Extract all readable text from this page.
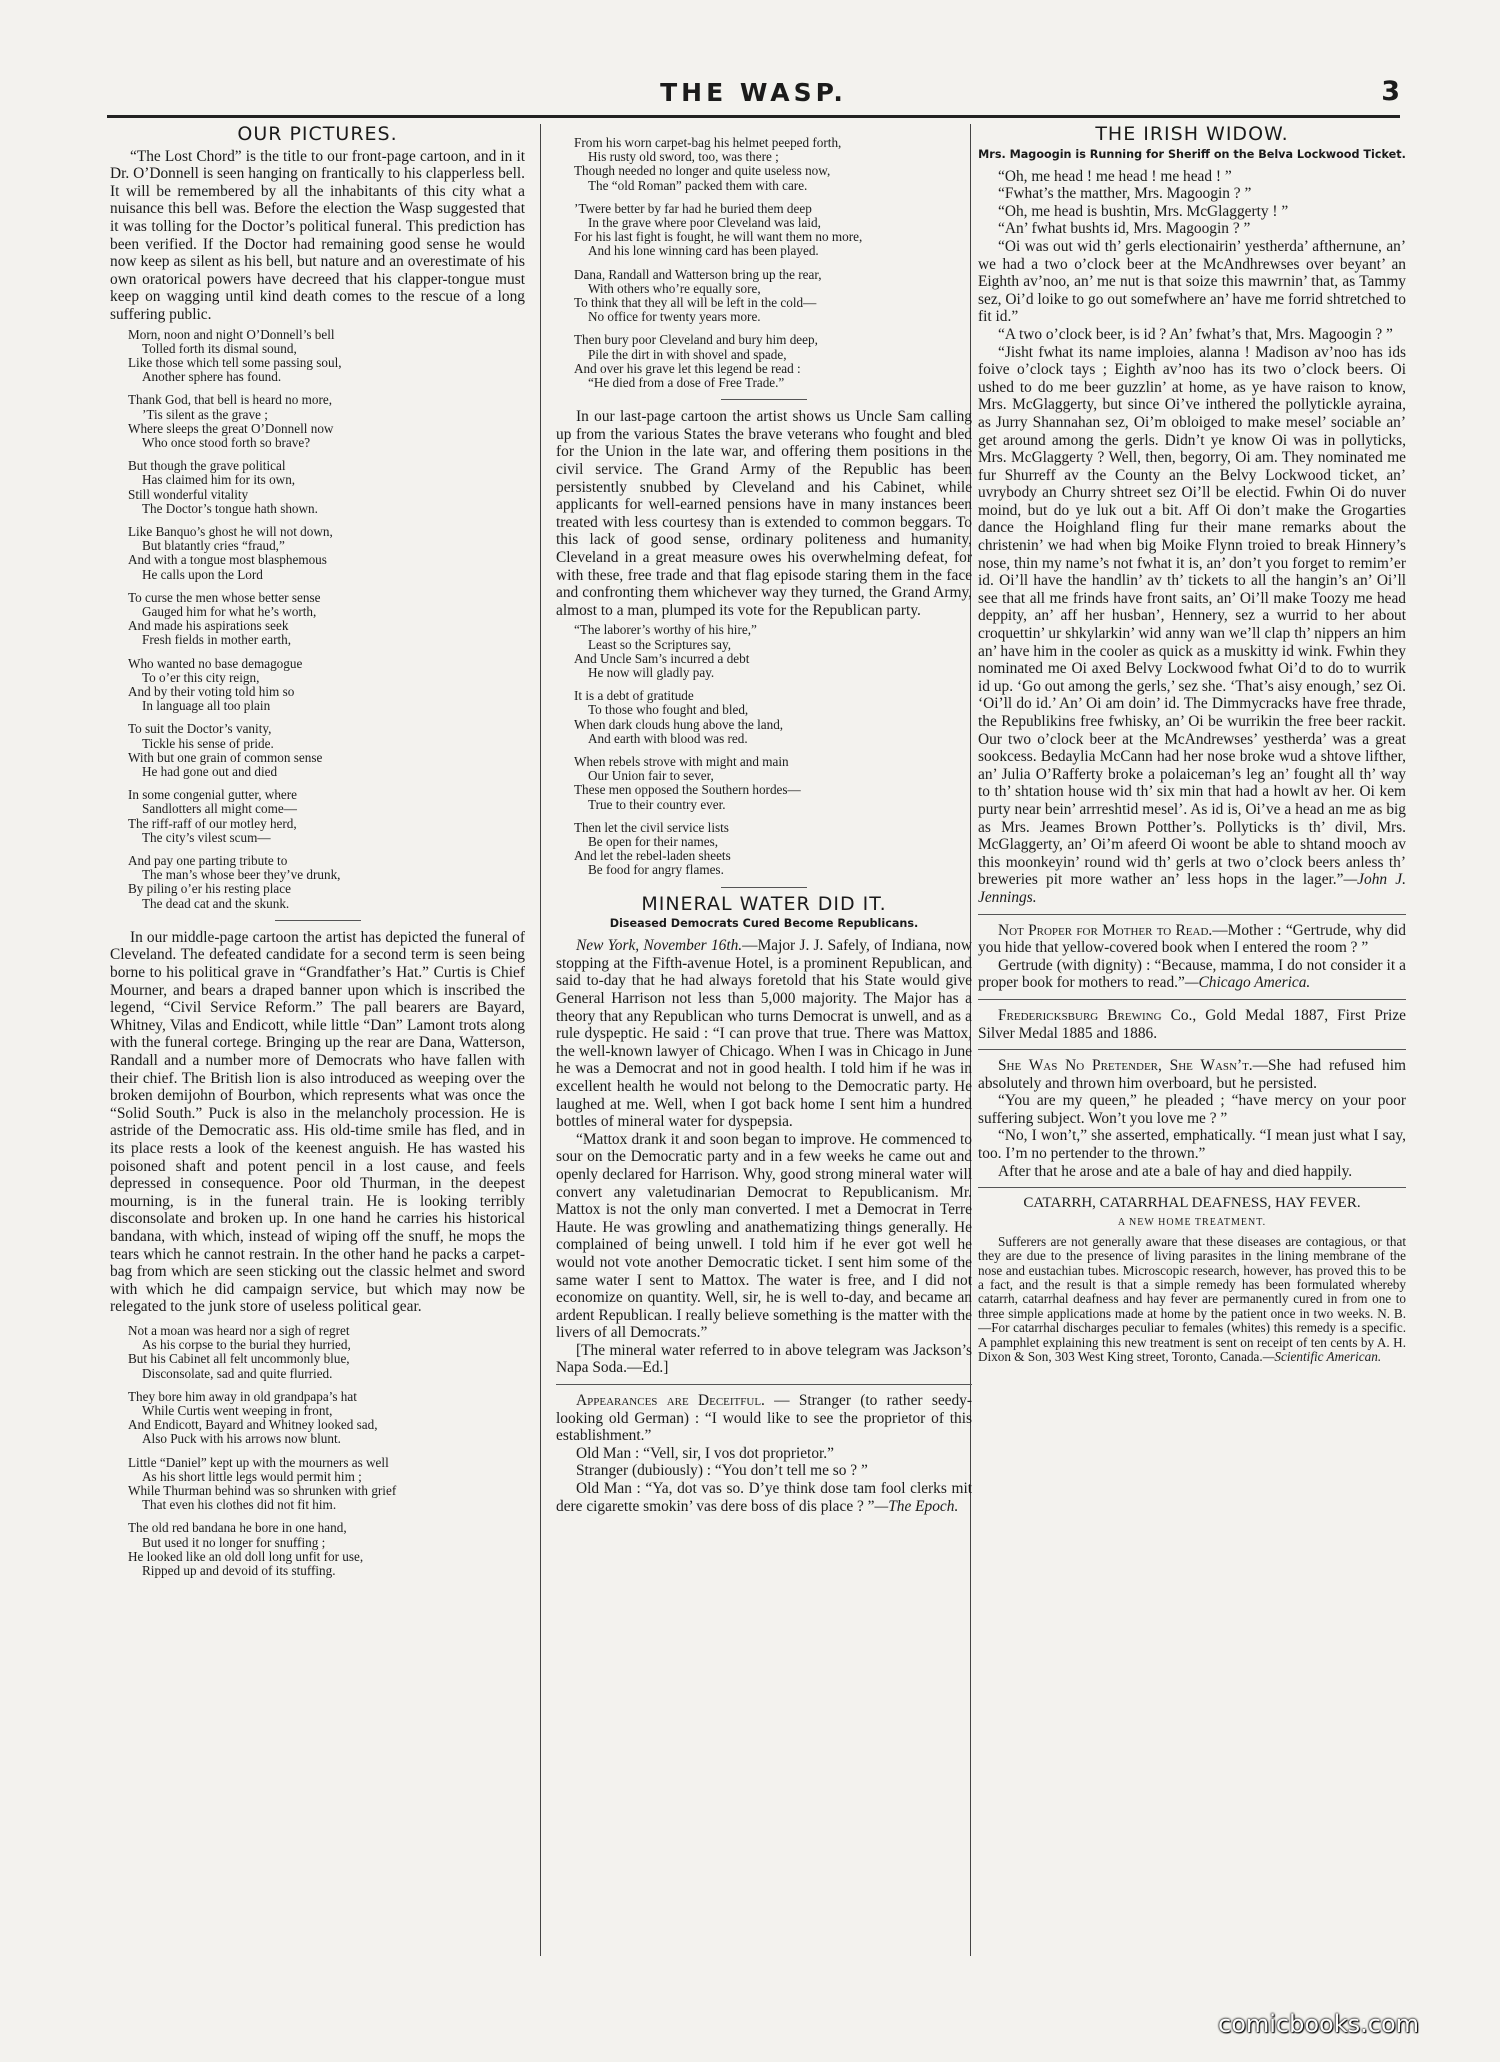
THE WASP.	3
OUR PICTURES.

“The Lost Chord” is the title to our front-page cartoon, and in it Dr. O’Donnell is seen hanging on frantically to his clapperless bell. It will be remembered by all the inhabitants of this city what a nuisance this bell was. Before the election the Wasp suggested that it was tolling for the Doctor’s political funeral. This prediction has been verified. If the Doctor had remaining good sense he would now keep as silent as his bell, but nature and an overestimate of his own oratorical powers have decreed that his clapper-tongue must keep on wagging until kind death comes to the rescue of a long suffering public.

Morn, noon and night O’Donnell’s bell
Tolled forth its dismal sound,
Like those which tell some passing soul,
Another sphere has found.
Thank God, that bell is heard no more,
’Tis silent as the grave ;
Where sleeps the great O’Donnell now
Who once stood forth so brave?
But though the grave political
Has claimed him for its own,
Still wonderful vitality
The Doctor’s tongue hath shown.
Like Banquo’s ghost he will not down,
But blatantly cries “fraud,”
And with a tongue most blasphemous
He calls upon the Lord
To curse the men whose better sense
Gauged him for what he’s worth,
And made his aspirations seek
Fresh fields in mother earth,
Who wanted no base demagogue
To o’er this city reign,
And by their voting told him so
In language all too plain
To suit the Doctor’s vanity,
Tickle his sense of pride.
With but one grain of common sense
He had gone out and died
In some congenial gutter, where
Sandlotters all might come—
The riff-raff of our motley herd,
The city’s vilest scum—
And pay one parting tribute to
The man’s whose beer they’ve drunk,
By piling o’er his resting place
The dead cat and the skunk.

In our middle-page cartoon the artist has depicted the funeral of Cleveland. The defeated candidate for a second term is seen being borne to his political grave in “Grandfather’s Hat.” Curtis is Chief Mourner, and bears a draped banner upon which is inscribed the legend, “Civil Service Reform.” The pall bearers are Bayard, Whitney, Vilas and Endicott, while little “Dan” Lamont trots along with the funeral cortege. Bringing up the rear are Dana, Watterson, Randall and a number more of Democrats who have fallen with their chief. The British lion is also introduced as weeping over the broken demijohn of Bourbon, which represents what was once the “Solid South.” Puck is also in the melancholy procession. He is astride of the Democratic ass. His old-time smile has fled, and in its place rests a look of the keenest anguish. He has wasted his poisoned shaft and potent pencil in a lost cause, and feels depressed in consequence. Poor old Thurman, in the deepest mourning, is in the funeral train. He is looking terribly disconsolate and broken up. In one hand he carries his historical bandana, with which, instead of wiping off the snuff, he mops the tears which he cannot restrain. In the other hand he packs a carpet-bag from which are seen sticking out the classic helmet and sword with which he did campaign service, but which may now be relegated to the junk store of useless political gear.

Not a moan was heard nor a sigh of regret
As his corpse to the burial they hurried,
But his Cabinet all felt uncommonly blue,
Disconsolate, sad and quite flurried.
They bore him away in old grandpapa’s hat
While Curtis went weeping in front,
And Endicott, Bayard and Whitney looked sad,
Also Puck with his arrows now blunt.
Little “Daniel” kept up with the mourners as well
As his short little legs would permit him ;
While Thurman behind was so shrunken with grief
That even his clothes did not fit him.
The old red bandana he bore in one hand,
But used it no longer for snuffing ;
He looked like an old doll long unfit for use,
Ripped up and devoid of its stuffing.
From his worn carpet-bag his helmet peeped forth,
His rusty old sword, too, was there ;
Though needed no longer and quite useless now,
The “old Roman” packed them with care.
’Twere better by far had he buried them deep
In the grave where poor Cleveland was laid,
For his last fight is fought, he will want them no more,
And his lone winning card has been played.
Dana, Randall and Watterson bring up the rear,
With others who’re equally sore,
To think that they all will be left in the cold—
No office for twenty years more.
Then bury poor Cleveland and bury him deep,
Pile the dirt in with shovel and spade,
And over his grave let this legend be read :
“He died from a dose of Free Trade.”

In our last-page cartoon the artist shows us Uncle Sam calling up from the various States the brave veterans who fought and bled for the Union in the late war, and offering them positions in the civil service. The Grand Army of the Republic has been persistently snubbed by Cleveland and his Cabinet, while applicants for well-earned pensions have in many instances been treated with less courtesy than is extended to common beggars. To this lack of good sense, ordinary politeness and humanity, Cleveland in a great measure owes his overwhelming defeat, for with these, free trade and that flag episode staring them in the face and confronting them whichever way they turned, the Grand Army, almost to a man, plumped its vote for the Republican party.

“The laborer’s worthy of his hire,”
Least so the Scriptures say,
And Uncle Sam’s incurred a debt
He now will gladly pay.
It is a debt of gratitude
To those who fought and bled,
When dark clouds hung above the land,
And earth with blood was red.
When rebels strove with might and main
Our Union fair to sever,
These men opposed the Southern hordes—
True to their country ever.
Then let the civil service lists
Be open for their names,
And let the rebel-laden sheets
Be food for angry flames.
MINERAL WATER DID IT.
Diseased Democrats Cured Become Republicans.

New York, November 16th.—Major J. J. Safely, of Indiana, now stopping at the Fifth-avenue Hotel, is a prominent Republican, and said to-day that he had always foretold that his State would give General Harrison not less than 5,000 majority. The Major has a theory that any Republican who turns Democrat is unwell, and as a rule dyspeptic. He said : “I can prove that true. There was Mattox, the well-known lawyer of Chicago. When I was in Chicago in June he was a Democrat and not in good health. I told him if he was in excellent health he would not belong to the Democratic party. He laughed at me. Well, when I got back home I sent him a hundred bottles of mineral water for dyspepsia.

“Mattox drank it and soon began to improve. He commenced to sour on the Democratic party and in a few weeks he came out and openly declared for Harrison. Why, good strong mineral water will convert any valetudinarian Democrat to Republicanism. Mr. Mattox is not the only man converted. I met a Democrat in Terre Haute. He was growling and anathematizing things generally. He complained of being unwell. I told him if he ever got well he would not vote another Democratic ticket. I sent him some of the same water I sent to Mattox. The water is free, and I did not economize on quantity. Well, sir, he is well to-day, and became an ardent Republican. I really believe something is the matter with the livers of all Democrats.”

[The mineral water referred to in above telegram was Jackson’s Napa Soda.—Ed.]

Appearances are Deceitful. — Stranger (to rather seedy-looking old German) : “I would like to see the proprietor of this establishment.”

Old Man : “Vell, sir, I vos dot proprietor.”

Stranger (dubiously) : “You don’t tell me so ? ”

Old Man : “Ya, dot vas so. D’ye think dose tam fool clerks mit dere cigarette smokin’ vas dere boss of dis place ? ”—The Epoch.

THE IRISH WIDOW.
Mrs. Magoogin is Running for Sheriff on the Belva Lockwood Ticket.

“Oh, me head ! me head ! me head ! ”

“Fwhat’s the matther, Mrs. Magoogin ? ”

“Oh, me head is bushtin, Mrs. McGlaggerty ! ”

“An’ fwhat bushts id, Mrs. Magoogin ? ”

“Oi was out wid th’ gerls electionairin’ yestherda’ afthernune, an’ we had a two o’clock beer at the McAndhrewses over beyant’ an Eighth av’noo, an’ me nut is that soize this mawrnin’ that, as Tammy sez, Oi’d loike to go out somefwhere an’ have me forrid shtretched to fit id.”

“A two o’clock beer, is id ? An’ fwhat’s that, Mrs. Magoogin ? ”

“Jisht fwhat its name imploies, alanna ! Madison av’noo has ids foive o’clock tays ; Eighth av’noo has its two o’clock beers. Oi ushed to do me beer guzzlin’ at home, as ye have raison to know, Mrs. McGlaggerty, but since Oi’ve inthered the pollytickle ayraina, as Jurry Shannahan sez, Oi’m obloiged to make mesel’ sociable an’ get around among the gerls. Didn’t ye know Oi was in pollyticks, Mrs. McGlaggerty ? Well, then, begorry, Oi am. They nominated me fur Shurreff av the County an the Belvy Lockwood ticket, an’ uvrybody an Churry shtreet sez Oi’ll be electid. Fwhin Oi do nuver moind, but do ye luk out a bit. Aff Oi don’t make the Grogarties dance the Hoighland fling fur their mane remarks about the christenin’ we had when big Moike Flynn troied to break Hinnery’s nose, thin my name’s not fwhat it is, an’ don’t you forget to remim’er id. Oi’ll have the handlin’ av th’ tickets to all the hangin’s an’ Oi’ll see that all me frinds have front saits, an’ Oi’ll make Toozy me head deppity, an’ aff her husban’, Hennery, sez a wurrid to her about croquettin’ ur shkylarkin’ wid anny wan we’ll clap th’ nippers an him an’ have him in the cooler as quick as a muskitty id wink. Fwhin they nominated me Oi axed Belvy Lockwood fwhat Oi’d to do to wurrik id up. ‘Go out among the gerls,’ sez she. ‘That’s aisy enough,’ sez Oi. ‘Oi’ll do id.’ An’ Oi am doin’ id. The Dimmycracks have free thrade, the Republikins free fwhisky, an’ Oi be wurrikin the free beer rackit. Our two o’clock beer at the McAndrewses’ yestherda’ was a great sookcess. Bedaylia McCann had her nose broke wud a shtove lifther, an’ Julia O’Rafferty broke a polaiceman’s leg an’ fought all th’ way to th’ shtation house wid th’ six min that had a howlt av her. Oi kem purty near bein’ arrreshtid mesel’. As id is, Oi’ve a head an me as big as Mrs. Jeames Brown Potther’s. Pollyticks is th’ divil, Mrs. McGlaggerty, an’ Oi’m afeerd Oi woont be able to shtand mooch av this moonkeyin’ round wid th’ gerls at two o’clock beers anless th’ breweries pit more wather an’ less hops in the lager.”—John J. Jennings.

Not Proper for Mother to Read.—Mother : “Gertrude, why did you hide that yellow-covered book when I entered the room ? ”

Gertrude (with dignity) : “Because, mamma, I do not consider it a proper book for mothers to read.”—Chicago America.

Fredericksburg Brewing Co., Gold Medal 1887, First Prize Silver Medal 1885 and 1886.

She Was No Pretender, She Wasn’t.—She had refused him absolutely and thrown him overboard, but he persisted.

“You are my queen,” he pleaded ; “have mercy on your poor suffering subject. Won’t you love me ? ”

“No, I won’t,” she asserted, emphatically. “I mean just what I say, too. I’m no pertender to the thrown.”

After that he arose and ate a bale of hay and died happily.

CATARRH, CATARRHAL DEAFNESS, HAY FEVER.
A NEW HOME TREATMENT.

Sufferers are not generally aware that these diseases are contagious, or that they are due to the presence of living parasites in the lining membrane of the nose and eustachian tubes. Microscopic research, however, has proved this to be a fact, and the result is that a simple remedy has been formulated whereby catarrh, catarrhal deafness and hay fever are permanently cured in from one to three simple applications made at home by the patient once in two weeks. N. B.—For catarrhal discharges peculiar to females (whites) this remedy is a specific. A pamphlet explaining this new treatment is sent on receipt of ten cents by A. H. Dixon & Son, 303 West King street, Toronto, Canada.—Scientific American.

comicbooks.com
